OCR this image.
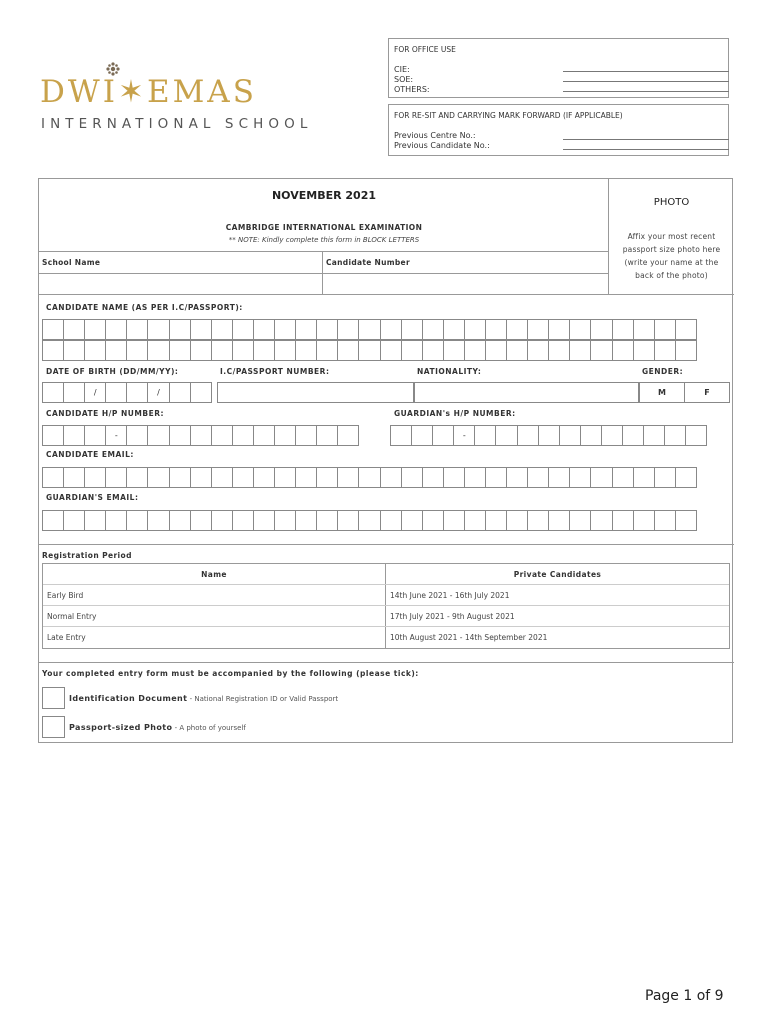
DWI✶EMAS
INTERNATIONAL SCHOOL
FOR OFFICE USE
CIE:
SOE:
OTHERS:
FOR RE-SIT AND CARRYING MARK FORWARD (IF APPLICABLE)
Previous Centre No.:
Previous Candidate No.:
NOVEMBER 2021
CAMBRIDGE INTERNATIONAL EXAMINATION
** NOTE: Kindly complete this form in BLOCK LETTERS
School Name	Candidate Number
PHOTO
Affix your most recent passport size photo here (write your name at the back of the photo)
CANDIDATE NAME (AS PER I.C/PASSPORT):
DATE OF BIRTH (DD/MM/YY):	I.C/PASSPORT NUMBER:	NATIONALITY:	GENDER:
/	/	M	F
CANDIDATE H/P NUMBER:	GUARDIAN's H/P NUMBER:
-	-
CANDIDATE EMAIL:
GUARDIAN'S EMAIL:
Registration Period
Name	Private Candidates
Early Bird	14th June 2021 - 16th July 2021
Normal Entry	17th July 2021 - 9th August 2021
Late Entry	10th August 2021 - 14th September 2021
Your completed entry form must be accompanied by the following (please tick):
Identification Document - National Registration ID or Valid Passport
Passport-sized Photo - A photo of yourself
Page 1 of 9
